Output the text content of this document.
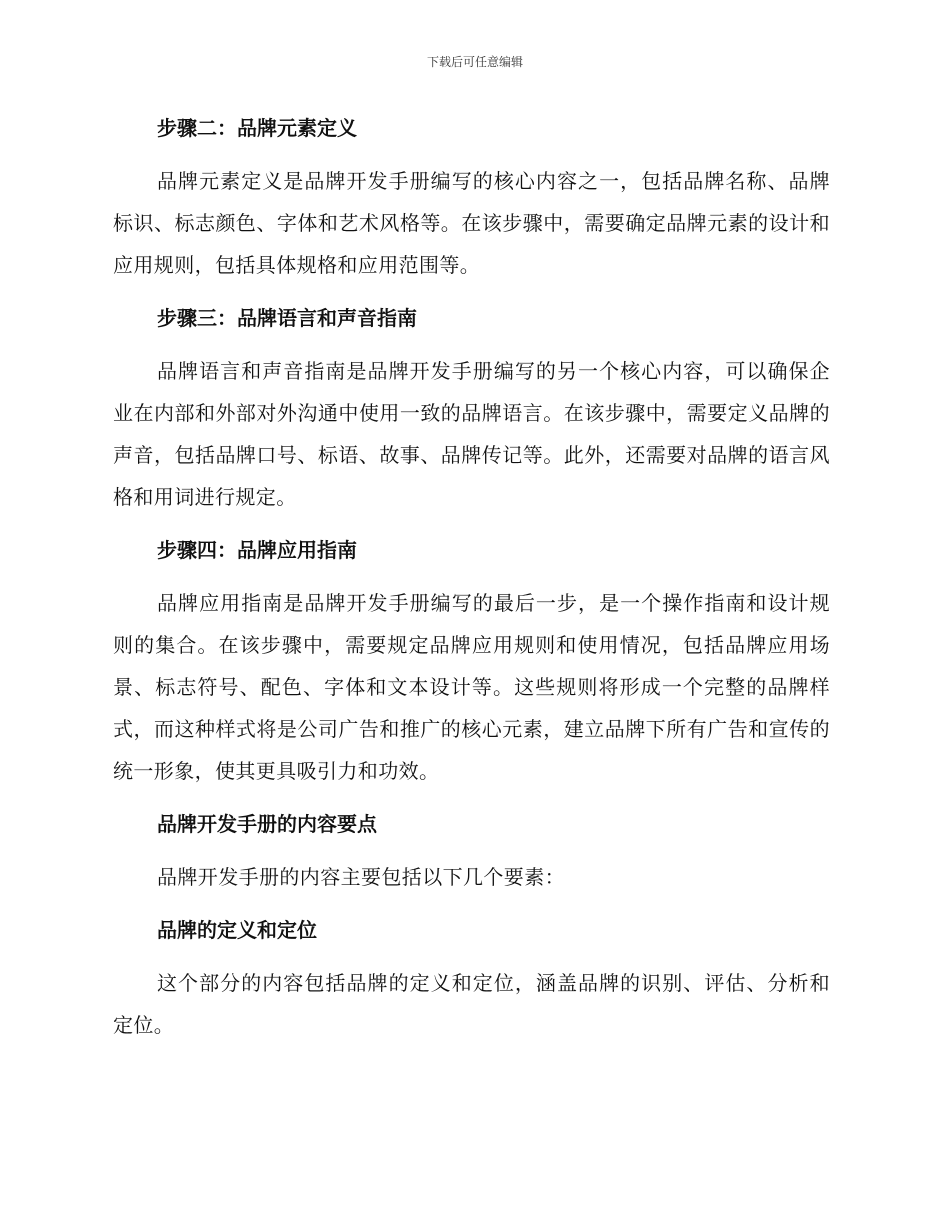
下载后可任意编辑
步骤二：品牌元素定义

品牌元素定义是品牌开发手册编写的核心内容之一，包括品牌名称、品牌标识、标志颜色、字体和艺术风格等。在该步骤中，需要确定品牌元素的设计和应用规则，包括具体规格和应用范围等。

步骤三：品牌语言和声音指南

品牌语言和声音指南是品牌开发手册编写的另一个核心内容，可以确保企业在内部和外部对外沟通中使用一致的品牌语言。在该步骤中，需要定义品牌的声音，包括品牌口号、标语、故事、品牌传记等。此外，还需要对品牌的语言风格和用词进行规定。

步骤四：品牌应用指南

品牌应用指南是品牌开发手册编写的最后一步，是一个操作指南和设计规则的集合。在该步骤中，需要规定品牌应用规则和使用情况，包括品牌应用场景、标志符号、配色、字体和文本设计等。这些规则将形成一个完整的品牌样式，而这种样式将是公司广告和推广的核心元素，建立品牌下所有广告和宣传的统一形象，使其更具吸引力和功效。

品牌开发手册的内容要点

品牌开发手册的内容主要包括以下几个要素：

品牌的定义和定位

这个部分的内容包括品牌的定义和定位，涵盖品牌的识别、评估、分析和定位。
